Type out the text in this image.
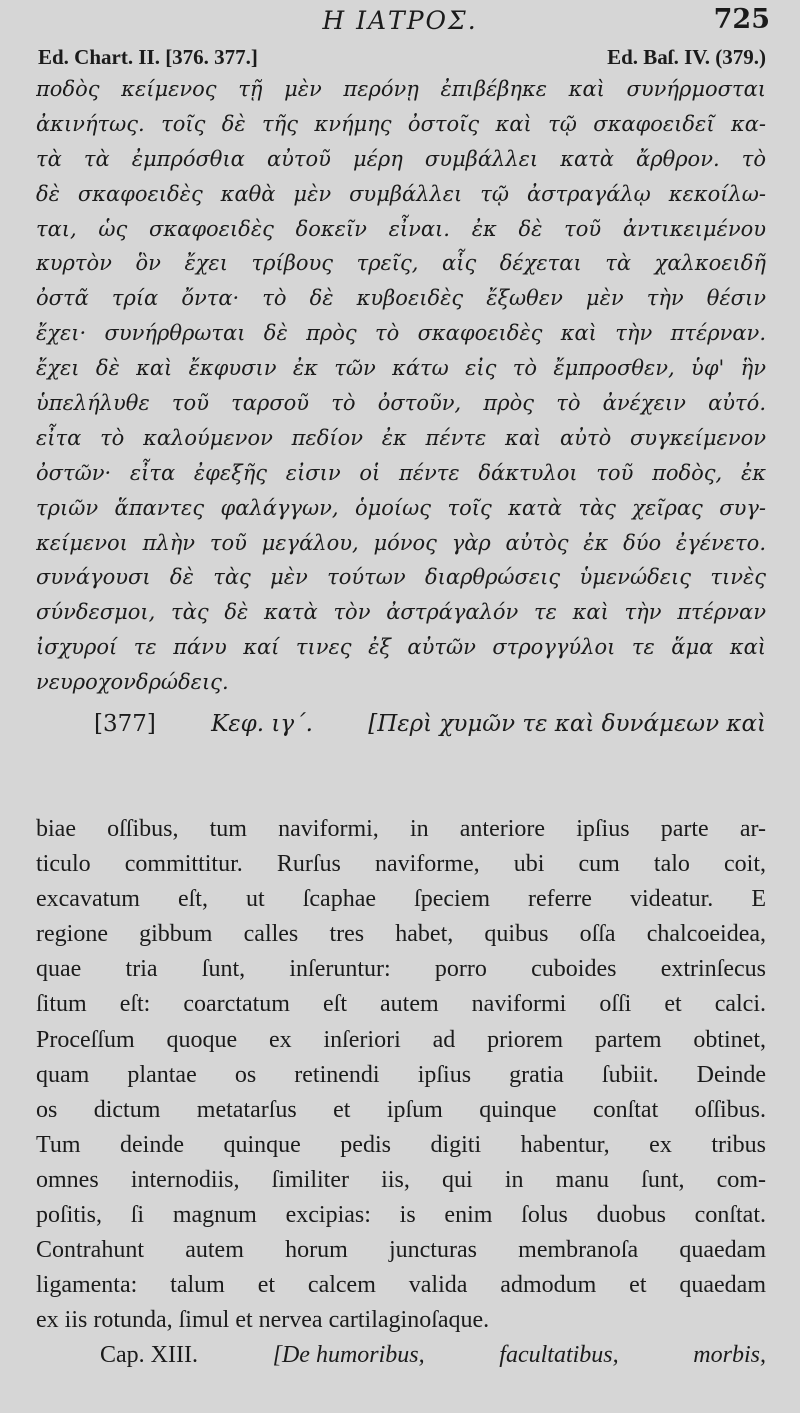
Η ΙΑΤΡΟΣ.	725
Ed. Chart. II. [376. 377.]	Ed. Baſ. IV. (379.)
ποδὸς κείμενος τῇ μὲν περόνῃ ἐπιβέβηκε καὶ συνήρμοσται
ἀκινήτως. τοῖς δὲ τῆς κνήμης ὀστοῖς καὶ τῷ σκαφοειδεῖ κα-
τὰ τὰ ἐμπρόσθια αὐτοῦ μέρη συμβάλλει κατὰ ἄρθρον. τὸ
δὲ σκαφοειδὲς καθὰ μὲν συμβάλλει τῷ ἀστραγάλῳ κεκοίλω-
ται, ὡς σκαφοειδὲς δοκεῖν εἶναι. ἐκ δὲ τοῦ ἀντικειμένου
κυρτὸν ὃν ἔχει τρίβους τρεῖς, αἷς δέχεται τὰ χαλκοειδῆ
ὀστᾶ τρία ὄντα· τὸ δὲ κυβοειδὲς ἔξωθεν μὲν τὴν θέσιν
ἔχει· συνήρθρωται δὲ πρὸς τὸ σκαφοειδὲς καὶ τὴν πτέρναν.
ἔχει δὲ καὶ ἔκφυσιν ἐκ τῶν κάτω εἰς τὸ ἔμπροσθεν, ὑφ' ἣν
ὑπελήλυθε τοῦ ταρσοῦ τὸ ὀστοῦν, πρὸς τὸ ἀνέχειν αὐτό.
εἶτα τὸ καλούμενον πεδίον ἐκ πέντε καὶ αὐτὸ συγκείμενον
ὀστῶν· εἶτα ἐφεξῆς εἰσιν οἱ πέντε δάκτυλοι τοῦ ποδὸς, ἐκ
τριῶν ἅπαντες φαλάγγων, ὁμοίως τοῖς κατὰ τὰς χεῖρας συγ-
κείμενοι πλὴν τοῦ μεγάλου, μόνος γὰρ αὐτὸς ἐκ δύο ἐγένετο.
συνάγουσι δὲ τὰς μὲν τούτων διαρθρώσεις ὑμενώδεις τινὲς
σύνδεσμοι, τὰς δὲ κατὰ τὸν ἀστράγαλόν τε καὶ τὴν πτέρναν
ἰσχυροί τε πάνυ καί τινες ἐξ αὐτῶν στρογγύλοι τε ἅμα καὶ
νευροχονδρώδεις.
[377] Κεφ. ιγ΄. [Περὶ χυμῶν τε καὶ δυνάμεων καὶ
biae oſſibus, tum naviformi, in anteriore ipſius parte ar-
ticulo committitur. Rurſus naviforme, ubi cum talo coit,
excavatum eſt, ut ſcaphae ſpeciem referre videatur. E
regione gibbum calles tres habet, quibus oſſa chalcoeidea,
quae tria ſunt, inſeruntur: porro cuboides extrinſecus
ſitum eſt: coarctatum eſt autem naviformi oſſi et calci.
Proceſſum quoque ex inſeriori ad priorem partem obtinet,
quam plantae os retinendi ipſius gratia ſubiit. Deinde
os dictum metatarſus et ipſum quinque conſtat oſſibus.
Tum deinde quinque pedis digiti habentur, ex tribus
omnes internodiis, ſimiliter iis, qui in manu ſunt, com-
poſitis, ſi magnum excipias: is enim ſolus duobus conſtat.
Contrahunt autem horum juncturas membranoſa quaedam
ligamenta: talum et calcem valida admodum et quaedam
ex iis rotunda, ſimul et nervea cartilaginoſaque.
Cap. XIII.	[De humoribus,	facultatibus,	morbis,
